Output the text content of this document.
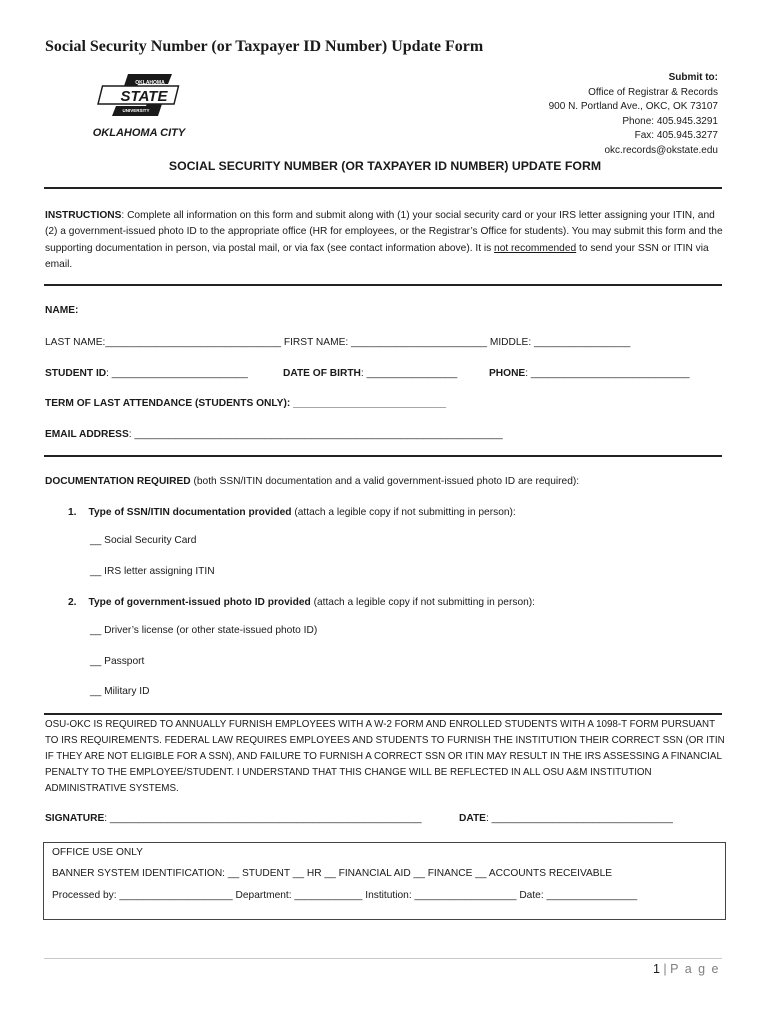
Social Security Number (or Taxpayer ID Number) Update Form
STATE
OKLAHOMA
UNIVERSITY
OKLAHOMA CITY
Submit to:
Office of Registrar & Records
900 N. Portland Ave., OKC, OK 73107
Phone: 405.945.3291
Fax: 405.945.3277
okc.records@okstate.edu
SOCIAL SECURITY NUMBER (OR TAXPAYER ID NUMBER) UPDATE FORM
INSTRUCTIONS: Complete all information on this form and submit along with (1) your social security card or your IRS letter assigning your ITIN, and (2) a government-issued photo ID to the appropriate office (HR for employees, or the Registrar’s Office for students). You may submit this form and the supporting documentation in person, via postal mail, or via fax (see contact information above). It is not recommended to send your SSN or ITIN via email.
NAME:
LAST NAME:_______________________________ FIRST NAME: ________________________ MIDDLE: _________________
STUDENT ID: ________________________	DATE OF BIRTH: ________________	PHONE: ____________________________
TERM OF LAST ATTENDANCE (STUDENTS ONLY): ___________________________
EMAIL ADDRESS: _________________________________________________________________
DOCUMENTATION REQUIRED (both SSN/ITIN documentation and a valid government-issued photo ID are required):
1. Type of SSN/ITIN documentation provided (attach a legible copy if not submitting in person):
__ Social Security Card
__ IRS letter assigning ITIN
2. Type of government-issued photo ID provided (attach a legible copy if not submitting in person):
__ Driver’s license (or other state-issued photo ID)
__ Passport
__ Military ID
OSU-OKC IS REQUIRED TO ANNUALLY FURNISH EMPLOYEES WITH A W-2 FORM AND ENROLLED STUDENTS WITH A 1098-T FORM PURSUANT TO IRS REQUIREMENTS. FEDERAL LAW REQUIRES EMPLOYEES AND STUDENTS TO FURNISH THE INSTITUTION THEIR CORRECT SSN (OR ITIN IF THEY ARE NOT ELIGIBLE FOR A SSN), AND FAILURE TO FURNISH A CORRECT SSN OR ITIN MAY RESULT IN THE IRS ASSESSING A FINANCIAL PENALTY TO THE EMPLOYEE/STUDENT. I UNDERSTAND THAT THIS CHANGE WILL BE REFLECTED IN ALL OSU A&M INSTITUTION ADMINISTRATIVE SYSTEMS.
SIGNATURE: _______________________________________________________	DATE: ________________________________
OFFICE USE ONLY
BANNER SYSTEM IDENTIFICATION: __ STUDENT __ HR __ FINANCIAL AID __ FINANCE __ ACCOUNTS RECEIVABLE
Processed by: ____________________ Department: ____________ Institution: __________________ Date: ________________
1 | P a g e
